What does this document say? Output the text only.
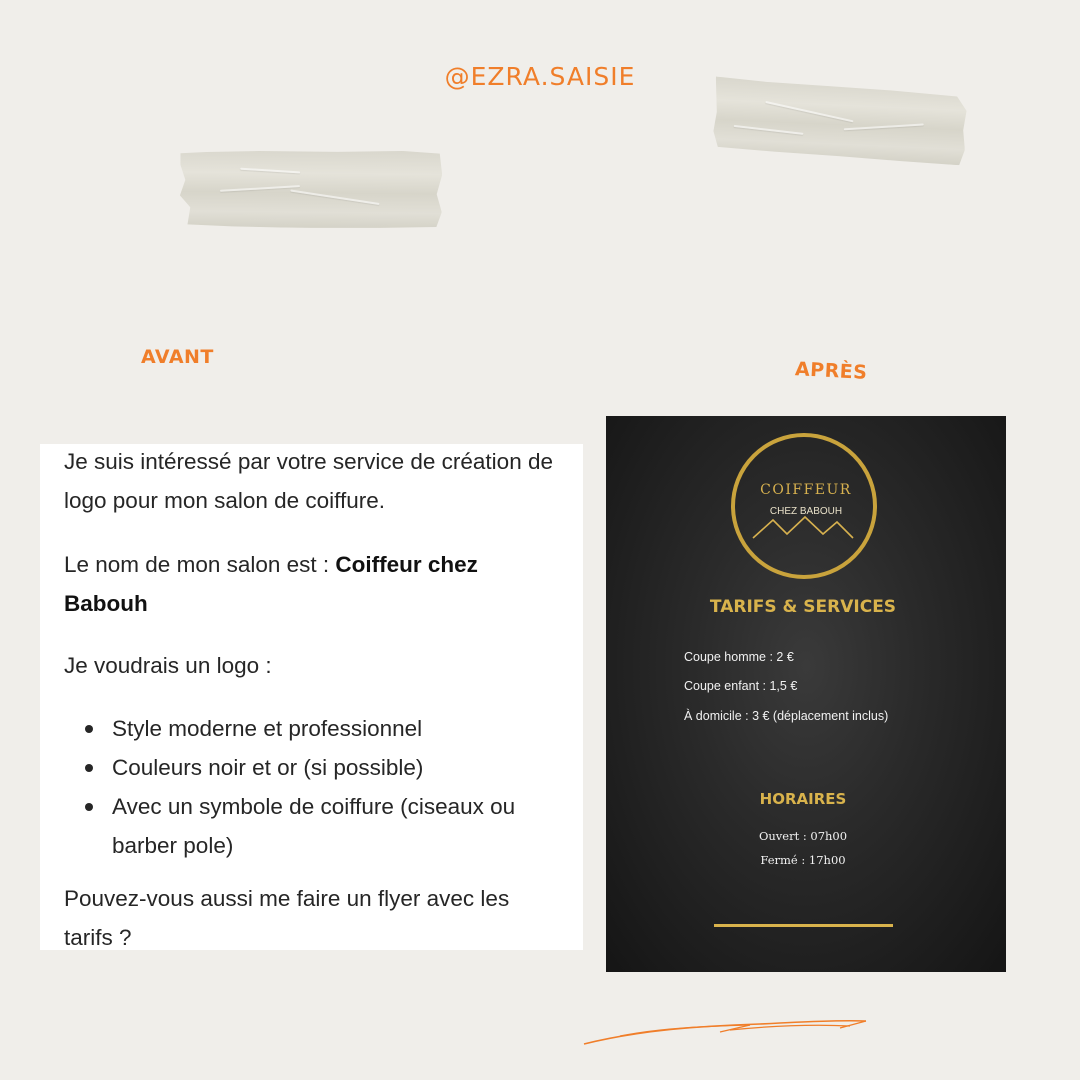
@EZRA.SAISIE
AVANT
APRÈS

Je suis intéressé par votre service de création de logo pour mon salon de coiffure.

Le nom de mon salon est : Coiffeur chez Babouh

Je voudrais un logo :

Style moderne et professionnel

Couleurs noir et or (si possible)

Avec un symbole de coiffure (ciseaux ou barber pole)

Pouvez-vous aussi me faire un flyer avec les tarifs ?

COIFFEUR
CHEZ BABOUH
TARIFS & SERVICES
Coupe homme : 2 €
Coupe enfant : 1,5 €
À domicile : 3 € (déplacement inclus)
HORAIRES
Ouvert : 07h00
Fermé : 17h00
